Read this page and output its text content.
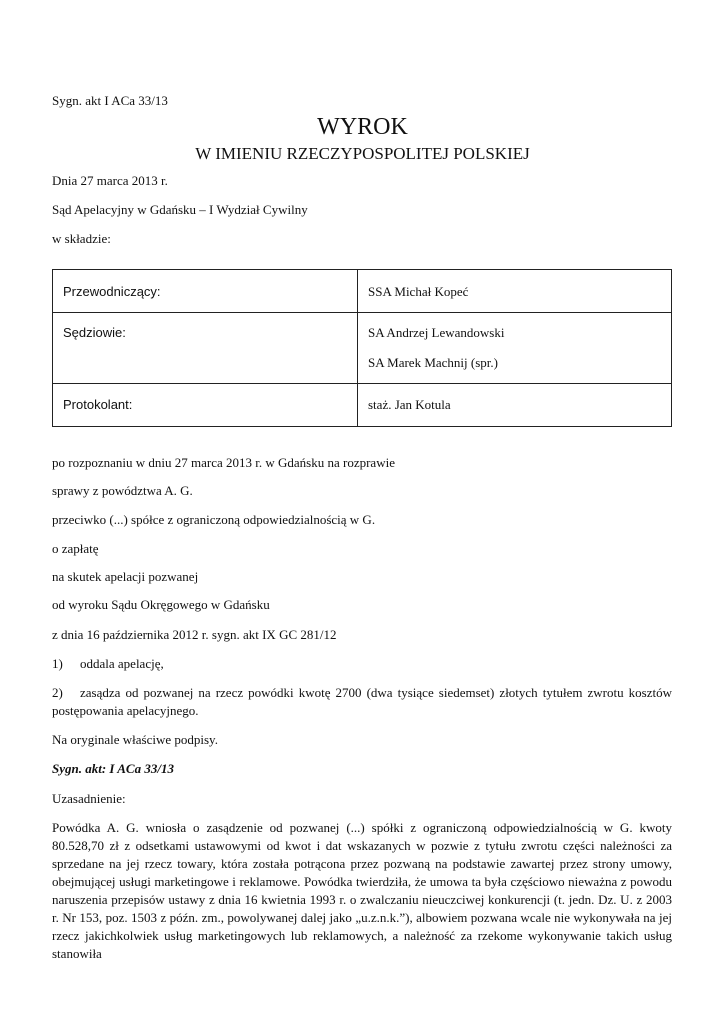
Sygn. akt I ACa 33/13
WYROK
W IMIENIU RZECZYPOSPOLITEJ POLSKIEJ
Dnia 27 marca 2013 r.
Sąd Apelacyjny w Gdańsku – I Wydział Cywilny
w składzie:
Przewodniczący:	SSA Michał Kopeć
Sędziowie:	SA Andrzej Lewandowski
SA Marek Machnij (spr.)

Protokolant:	staż. Jan Kotula
po rozpoznaniu w dniu 27 marca 2013 r. w Gdańsku na rozprawie
sprawy z powództwa A. G.
przeciwko (...) spółce z ograniczoną odpowiedzialnością w G.
o zapłatę
na skutek apelacji pozwanej
od wyroku Sądu Okręgowego w Gdańsku
z dnia 16 października 2012 r. sygn. akt IX GC 281/12
1) oddala apelację,
2) zasądza od pozwanej na rzecz powódki kwotę 2700 (dwa tysiące siedemset) złotych tytułem zwrotu kosztów postępowania apelacyjnego.
Na oryginale właściwe podpisy.
Sygn. akt: I ACa 33/13
Uzasadnienie:
Powódka A. G. wniosła o zasądzenie od pozwanej (...) spółki z ograniczoną odpowiedzialnością w G. kwoty 80.528,70 zł z odsetkami ustawowymi od kwot i dat wskazanych w pozwie z tytułu zwrotu części należności za sprzedane na jej rzecz towary, która została potrącona przez pozwaną na podstawie zawartej przez strony umowy, obejmującej usługi marketingowe i reklamowe. Powódka twierdziła, że umowa ta była częściowo nieważna z powodu naruszenia przepisów ustawy z dnia 16 kwietnia 1993 r. o zwalczaniu nieuczciwej konkurencji (t. jedn. Dz. U. z 2003 r. Nr 153, poz. 1503 z późn. zm., powolywanej dalej jako „u.z.n.k.”), albowiem pozwana wcale nie wykonywała na jej rzecz jakichkolwiek usług marketingowych lub reklamowych, a należność za rzekome wykonywanie takich usług stanowiła
